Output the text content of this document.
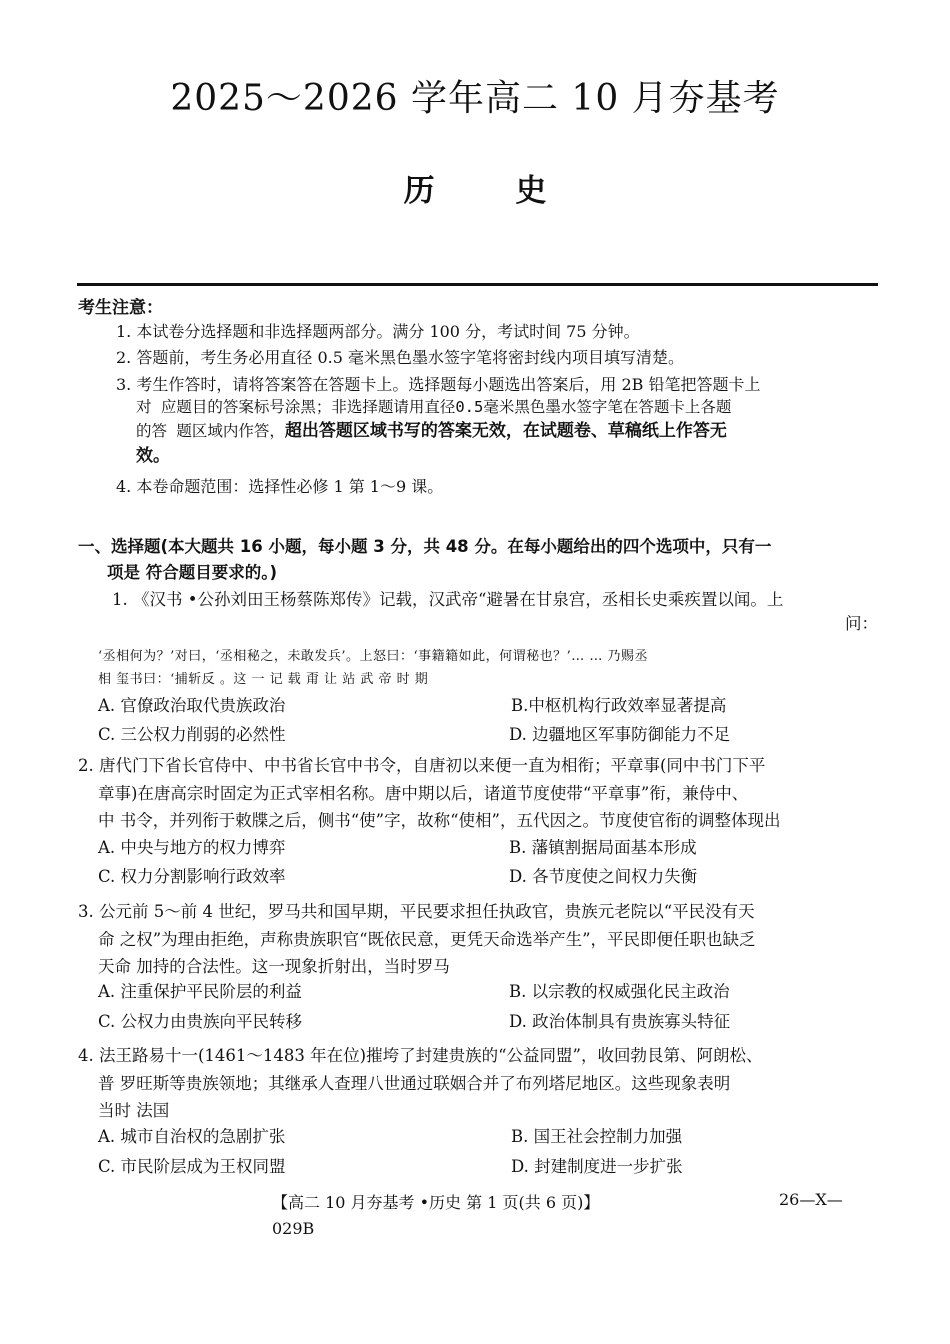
2025～2026 学年高二 10 月夯基考
历 史
考生注意：
1. 本试卷分选择题和非选择题两部分。满分 100 分，考试时间 75 分钟。
2. 答题前，考生务必用直径 0.5 毫米黑色墨水签字笔将密封线内项目填写清楚。
3. 考生作答时，请将答案答在答题卡上。选择题每小题选出答案后，用 2B 铅笔把答题卡上
对 应题目的答案标号涂黑；非选择题请用直径0.5毫米黑色墨水签字笔在答题卡上各题
的答 题区域内作答，超出答题区域书写的答案无效，在试题卷、草稿纸上作答无
效。
4. 本卷命题范围：选择性必修 1 第 1～9 课。
一、选择题(本大题共 16 小题，每小题 3 分，共 48 分。在每小题给出的四个选项中，只有一
项是 符合题目要求的。)
1. 《汉书 •公孙刘田王杨蔡陈郑传》记载，汉武帝“避暑在甘泉宫，丞相长史乘疾置以闻。上
问：
‘丞相何为？’对曰，‘丞相秘之，未敢发兵’。上怒曰：‘事籍籍如此，何谓秘也？’… … 乃赐丞
相 玺书曰：‘捕斩反 。这 一 记 载 甭 让 站 武 帝 时 期
A. 官僚政治取代贵族政治	B.中枢机构行政效率显著提高
C. 三公权力削弱的必然性	D. 边疆地区军事防御能力不足
2. 唐代门下省长官侍中、中书省长官中书令，自唐初以来便一直为相衔；平章事(同中书门下平
章事)在唐高宗时固定为正式宰相名称。唐中期以后，诸道节度使带“平章事”衔，兼侍中、
中 书令，并列衔于敕牒之后，侧书“使”字，故称“使相”，五代因之。节度使官衔的调整体现出
A. 中央与地方的权力博弈	B. 藩镇割据局面基本形成
C. 权力分割影响行政效率	D. 各节度使之间权力失衡
3. 公元前 5～前 4 世纪，罗马共和国早期，平民要求担任执政官，贵族元老院以“平民没有天
命 之权”为理由拒绝，声称贵族职官“既依民意，更凭天命选举产生”，平民即便任职也缺乏
天命 加持的合法性。这一现象折射出，当时罗马
A. 注重保护平民阶层的利益	B. 以宗教的权威强化民主政治
C. 公权力由贵族向平民转移	D. 政治体制具有贵族寡头特征
4. 法王路易十一(1461～1483 年在位)摧垮了封建贵族的“公益同盟”，收回勃艮第、阿朗松、
普 罗旺斯等贵族领地；其继承人查理八世通过联姻合并了布列塔尼地区。这些现象表明
当时 法国
A. 城市自治权的急剧扩张	B. 国王社会控制力加强
C. 市民阶层成为王权同盟	D. 封建制度进一步扩张
【高二 10 月夯基考 •历史 第 1 页(共 6 页)】	26—X—
029B
